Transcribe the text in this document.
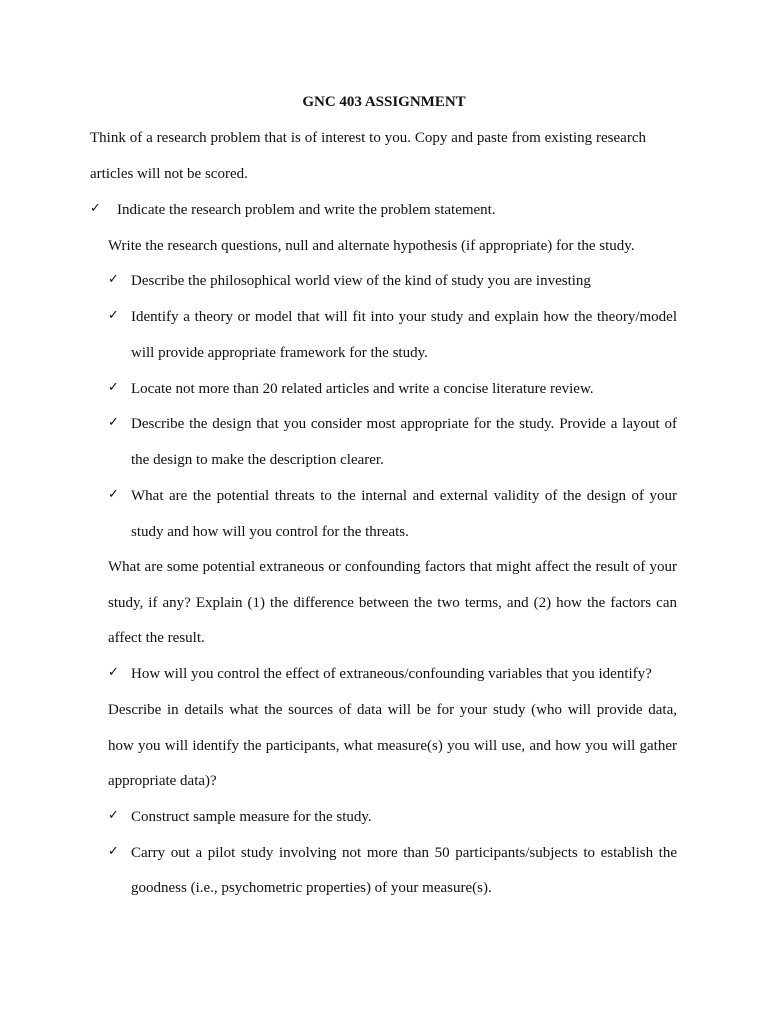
GNC 403 ASSIGNMENT
Think of a research problem that is of interest to you. Copy and paste from existing research
articles will not be scored.
✓ Indicate the research problem and write the problem statement.
Write the research questions, null and alternate hypothesis (if appropriate) for the study.
✓ Describe the philosophical world view of the kind of study you are investing
✓ Identify a theory or model that will fit into your study and explain how the theory/model
will provide appropriate framework for the study.
✓ Locate not more than 20 related articles and write a concise literature review.
✓ Describe the design that you consider most appropriate for the study. Provide a layout of
the design to make the description clearer.
✓ What are the potential threats to the internal and external validity of the design of your
study and how will you control for the threats.
What are some potential extraneous or confounding factors that might affect the result of your
study, if any? Explain (1) the difference between the two terms, and (2) how the factors can
affect the result.
✓ How will you control the effect of extraneous/confounding variables that you identify?
Describe in details what the sources of data will be for your study (who will provide data,
how you will identify the participants, what measure(s) you will use, and how you will gather
appropriate data)?
✓ Construct sample measure for the study.
✓ Carry out a pilot study involving not more than 50 participants/subjects to establish the
goodness (i.e., psychometric properties) of your measure(s).
